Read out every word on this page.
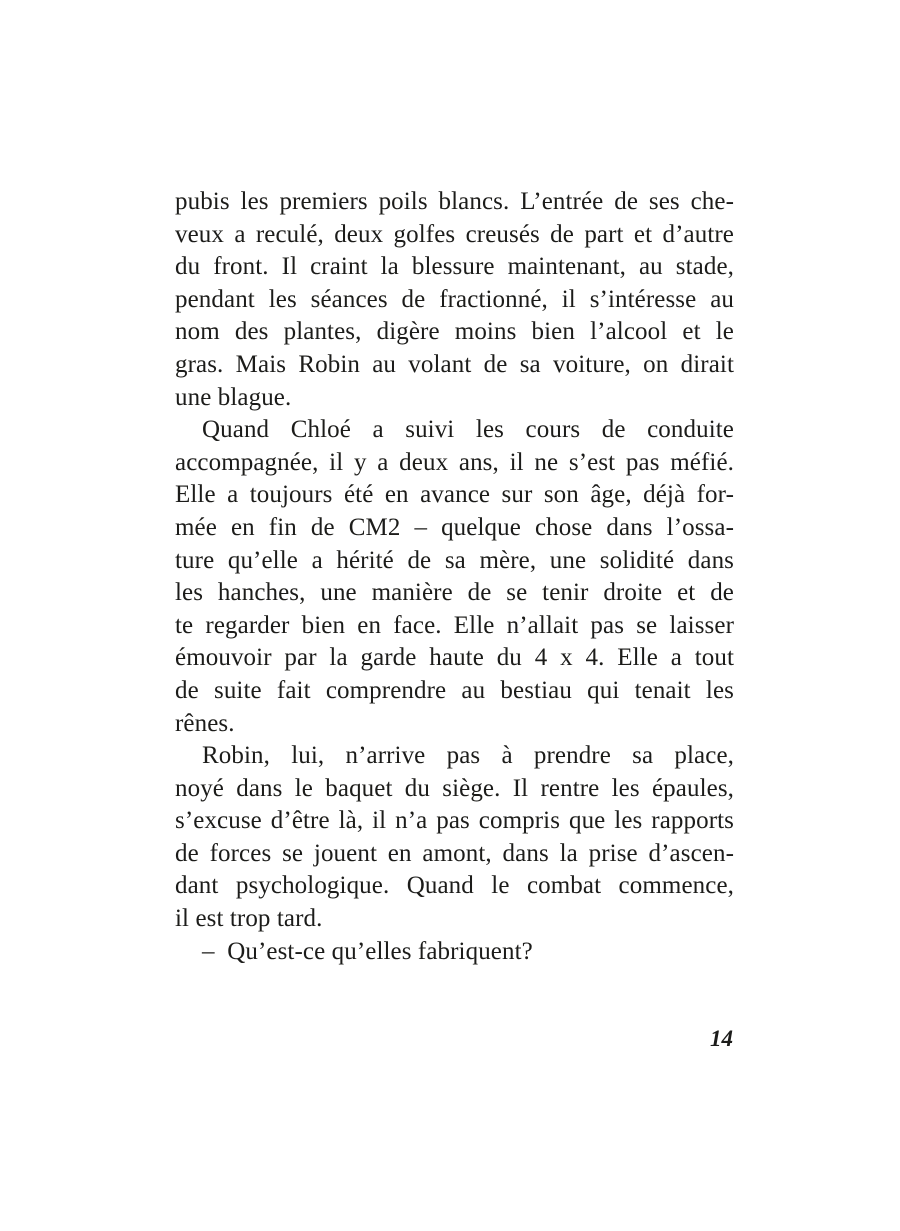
pubis les premiers poils blancs. L’entrée de ses che-
veux a reculé, deux golfes creusés de part et d’autre
du front. Il craint la blessure maintenant, au stade,
pendant les séances de fractionné, il s’intéresse au
nom des plantes, digère moins bien l’alcool et le
gras. Mais Robin au volant de sa voiture, on dirait
une blague.
Quand Chloé a suivi les cours de conduite
accompagnée, il y a deux ans, il ne s’est pas méfié.
Elle a toujours été en avance sur son âge, déjà for-
mée en fin de CM2 – quelque chose dans l’ossa-
ture qu’elle a hérité de sa mère, une solidité dans
les hanches, une manière de se tenir droite et de
te regarder bien en face. Elle n’allait pas se laisser
émouvoir par la garde haute du 4 x 4. Elle a tout
de suite fait comprendre au bestiau qui tenait les
rênes.
Robin, lui, n’arrive pas à prendre sa place,
noyé dans le baquet du siège. Il rentre les épaules,
s’excuse d’être là, il n’a pas compris que les rapports
de forces se jouent en amont, dans la prise d’ascen-
dant psychologique. Quand le combat commence,
il est trop tard.
– Qu’est-ce qu’elles fabriquent?
14
